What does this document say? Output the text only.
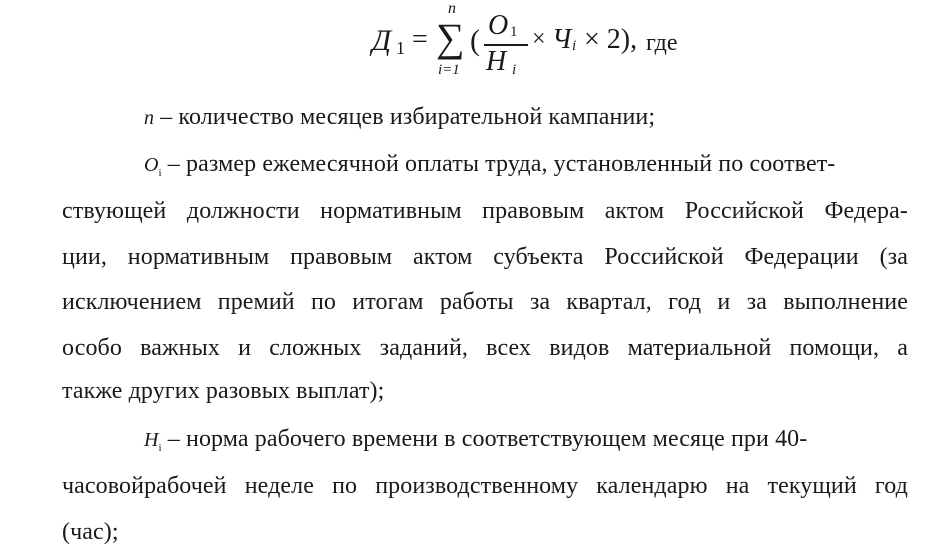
Д 1 =
n
∑
i=1
( O 1
H i
× Ч i × 2), где
n – количество месяцев избирательной кампании;
$O_i$ – размер ежемесячной оплаты труда, установленный по соответ-
ствующей должности нормативным правовым актом Российской Федера-
ции, нормативным правовым актом субъекта Российской Федерации (за
исключением премий по итогам работы за квартал, год и за выполнение
особо важных и сложных заданий, всех видов материальной помощи, а
также других разовых выплат);
$H_i$ – норма рабочего времени в соответствующем месяце при 40-
часовойрабочей неделе по производственному календарю на текущий год
(час);
